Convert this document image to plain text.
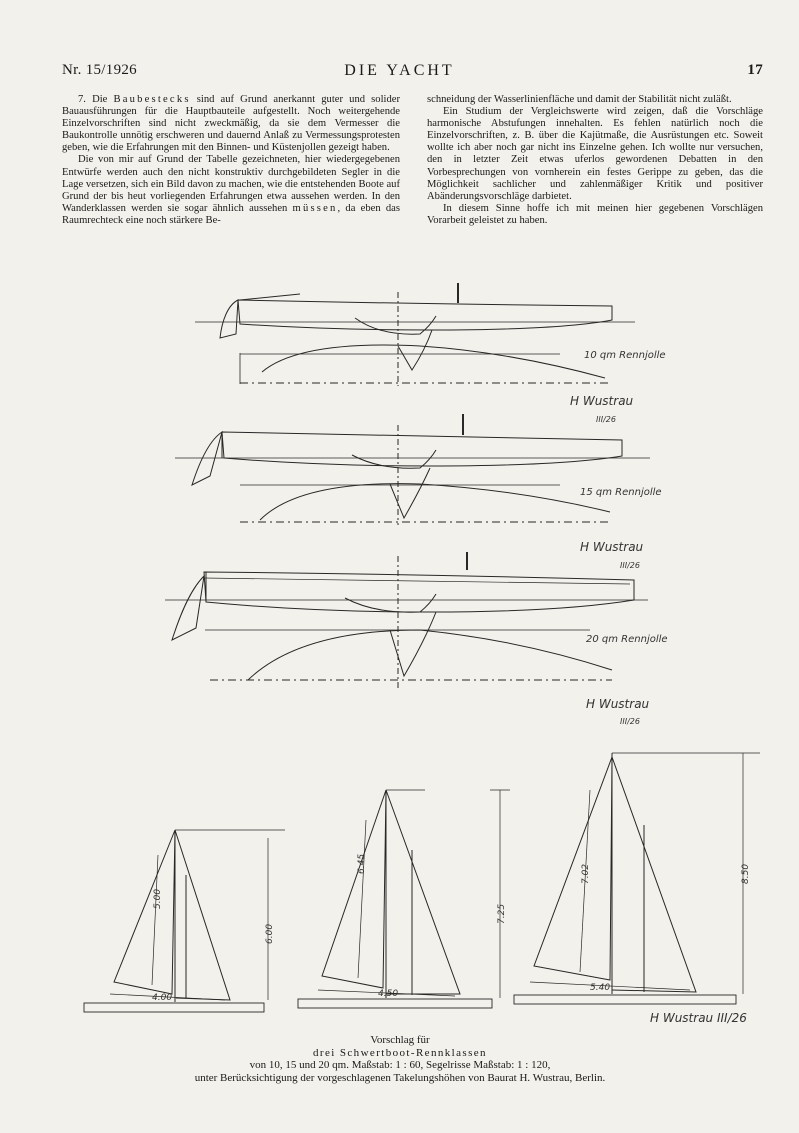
Nr. 15/1926	DIE YACHT	17

7. Die Baubestecks sind auf Grund anerkannt guter und solider Bauausführungen für die Hauptbauteile aufgestellt. Noch weitergehende Einzelvorschriften sind nicht zweckmäßig, da sie dem Vermesser die Baukontrolle unnötig erschweren und dauernd Anlaß zu Vermessungsprotesten geben, wie die Erfahrungen mit den Binnen- und Küstenjollen gezeigt haben.

Die von mir auf Grund der Tabelle gezeichneten, hier wiedergegebenen Entwürfe werden auch den nicht konstruktiv durchgebildeten Segler in die Lage versetzen, sich ein Bild davon zu machen, wie die entstehenden Boote auf Grund der bis heut vorliegenden Erfahrungen etwa aussehen werden. In den Wanderklassen werden sie sogar ähnlich aussehen müssen, da eben das Raumrechteck eine noch stärkere Be-

schneidung der Wasserlinienfläche und damit der Stabilität nicht zuläßt.

Ein Studium der Vergleichswerte wird zeigen, daß die Vorschläge harmonische Abstufungen innehalten. Es fehlen natürlich noch die Einzelvorschriften, z. B. über die Kajütmaße, die Ausrüstungen etc. Soweit wollte ich aber noch gar nicht ins Einzelne gehen. Ich wollte nur versuchen, den in letzter Zeit etwas uferlos gewordenen Debatten in den Vorbesprechungen von vornherein ein festes Gerippe zu geben, das die Möglichkeit sachlicher und zahlenmäßiger Kritik und positiver Abänderungsvorschläge darbietet.

In diesem Sinne hoffe ich mit meinen hier gegebenen Vorschlägen Vorarbeit geleistet zu haben.

10 qm Rennjolle
15 qm Rennjolle
20 qm Rennjolle
H Wustrau
III/26
H Wustrau
III/26
H Wustrau
III/26
5.00
6.00
4.00
6.45
7.25
4.50
7.02	8.50
5.40
H Wustrau III/26
Vorschlag für
drei Schwertboot-Rennklassen
von 10, 15 und 20 qm. Maßstab: 1 : 60, Segelrisse Maßstab: 1 : 120,
unter Berücksichtigung der vorgeschlagenen Takelungshöhen von Baurat H. Wustrau, Berlin.
